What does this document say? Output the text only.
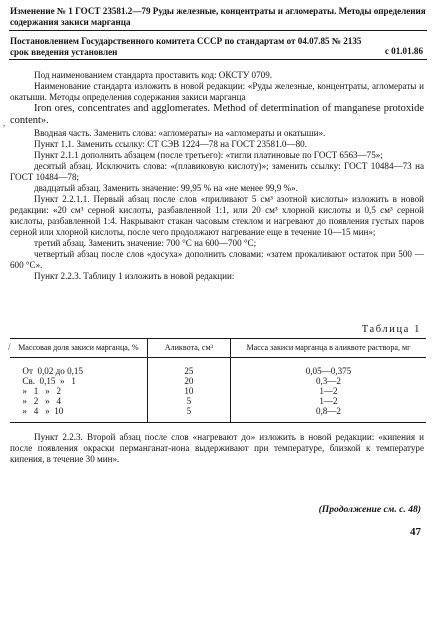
Изменение № 1 ГОСТ 23581.2—79 Руды железные, концентраты и агломераты. Методы определения содержания закиси марганца
Постановлением Государственного комитета СССР по стандартам от 04.07.85 № 2135 срок введения установлен	с 01.01.86

Под наименованием стандарта проставить код: ОКСТУ 0709.

Наименование стандарта изложить в новой редакции: «Руды железные, концентраты, агломераты и окатыши. Методы определения содержания закиси марганца

Iron ores, concentrates and agglomerates. Method of determination of manganese protoxide content».

Вводная часть. Заменить слова: «агломераты» на «агломераты и окатыши».

Пункт 1.1. Заменить ссылку: СТ СЭВ 1224—78 на ГОСТ 23581.0—80.

Пункт 2.1.1 дополнить абзацем (после третьего): «тигли платиновые по ГОСТ 6563—75»;

десятый абзац. Исключить слова: «(плавиковую кислоту)»; заменить ссылку: ГОСТ 10484—73 на ГОСТ 10484—78;

двадцатый абзац. Заменить значение: 99,95 % на «не менее 99,9 %».

Пункт 2.2.1.1. Первый абзац после слов «приливают 5 см³ азотной кислоты» изложить в новой редакции: «20 см³ серной кислоты, разбавленной 1:1, или 20 см³ хлорной кислоты и 0,5 см³ серной кислоты, разбавленной 1:4. Накрывают стакан часовым стеклом и нагревают до появления густых паров серной или хлорной кислоты, после чего продолжают нагревание еще в течение 10—15 мин»;

третий абзац. Заменить значение: 700 °С на 600—700 °С;

четвертый абзац после слов «досуха» дополнить словами: «затем прокаливают остаток при 500 — 600 °С».

Пункт 2.2.3. Таблицу 1 изложить в новой редакции:

Таблица 1
Массовая доля закиси марганца, %	Аликвота, см³	Масса закиси марганца в аликвоте раствора, мг
От  0,02 до 0,15	25	0,05—0,375
Св.  0,15  »   1	20	0,3—2
»   1   »   2	10	1—2
»   2   »   4	5	1—2
»   4   »  10	5	0,8—2

Пункт 2.2.3. Второй абзац после слов «нагревают до» изложить в новой редакции: «кипения и после появления окраски перманганат-иона выдерживают при температуре, близкой к температуре кипения, в течение 30 мин».

(Продолжение см. с. 48)
47
,
/
